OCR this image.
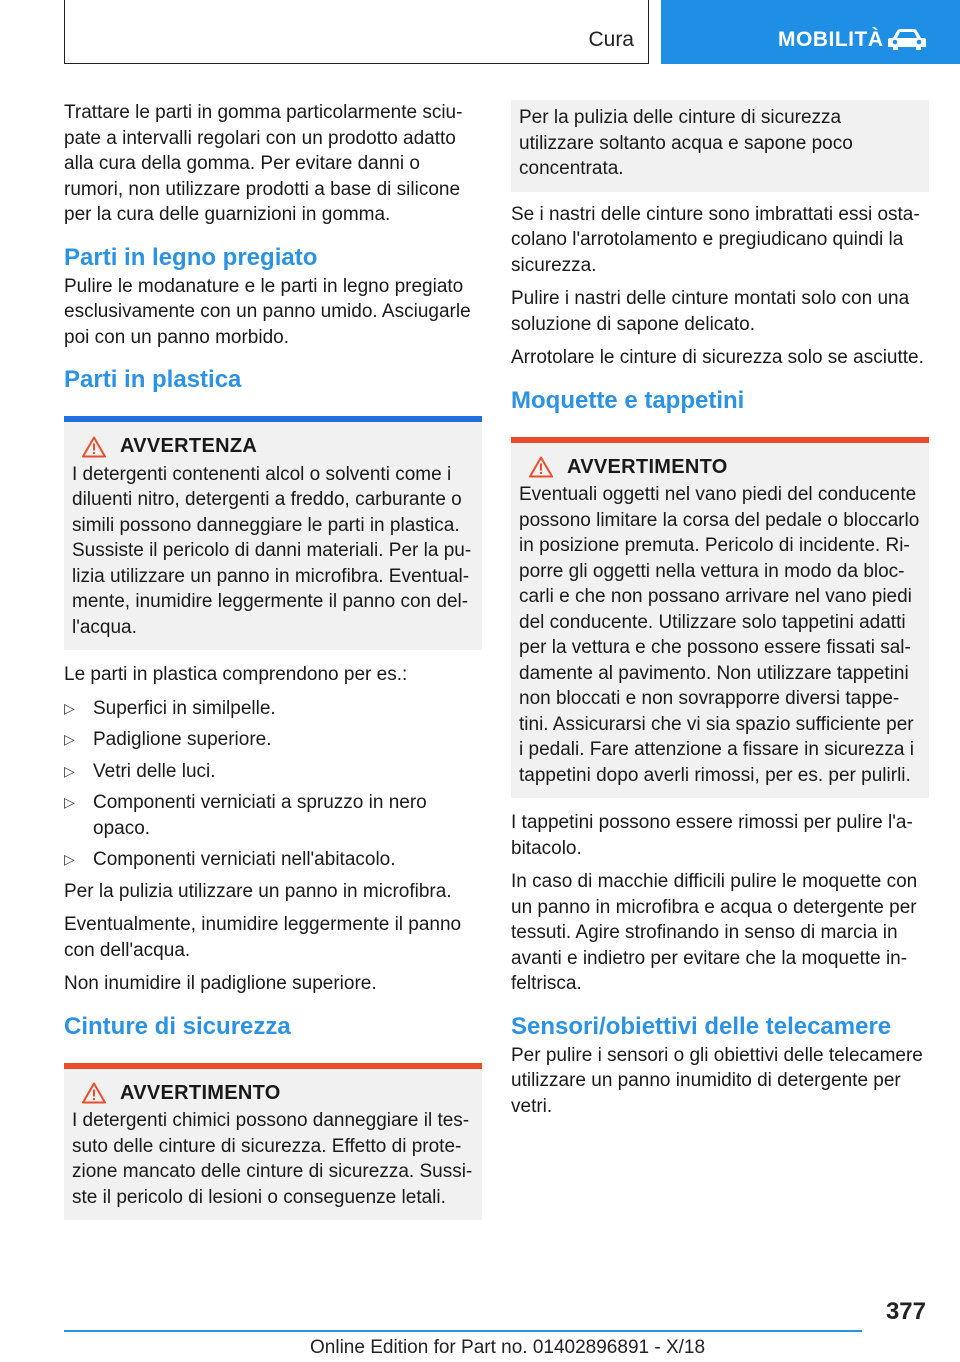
Cura	MOBILITÀ

Trattare le parti in gomma particolarmente sciu-pate a intervalli regolari con un prodotto adatto alla cura della gomma. Per evitare danni o rumori, non utilizzare prodotti a base di silicone per la cura delle guarnizioni in gomma.

Parti in legno pregiato

Pulire le modanature e le parti in legno pregiato esclusivamente con un panno umido. Asciugarle poi con un panno morbido.

Parti in plastica
AVVERTENZA
I detergenti contenenti alcol o solventi come i diluenti nitro, detergenti a freddo, carburante o simili possono danneggiare le parti in plastica. Sussiste il pericolo di danni materiali. Per la pu-lizia utilizzare un panno in microfibra. Eventual-mente, inumidire leggermente il panno con del-l'acqua.

Le parti in plastica comprendono per es.:

▷ Superfici in similpelle.
▷ Padiglione superiore.
▷ Vetri delle luci.
▷ Componenti verniciati a spruzzo in nero opaco.
▷ Componenti verniciati nell'abitacolo.

Per la pulizia utilizzare un panno in microfibra.

Eventualmente, inumidire leggermente il panno con dell'acqua.

Non inumidire il padiglione superiore.

Cinture di sicurezza
AVVERTIMENTO
I detergenti chimici possono danneggiare il tes-suto delle cinture di sicurezza. Effetto di prote-zione mancato delle cinture di sicurezza. Sussi-ste il pericolo di lesioni o conseguenze letali.
Per la pulizia delle cinture di sicurezza utilizzare soltanto acqua e sapone poco concentrata.

Se i nastri delle cinture sono imbrattati essi osta-colano l'arrotolamento e pregiudicano quindi la sicurezza.

Pulire i nastri delle cinture montati solo con una soluzione di sapone delicato.

Arrotolare le cinture di sicurezza solo se asciutte.

Moquette e tappetini
AVVERTIMENTO
Eventuali oggetti nel vano piedi del conducente possono limitare la corsa del pedale o bloccarlo in posizione premuta. Pericolo di incidente. Ri-porre gli oggetti nella vettura in modo da bloc-carli e che non possano arrivare nel vano piedi del conducente. Utilizzare solo tappetini adatti per la vettura e che possono essere fissati sal-damente al pavimento. Non utilizzare tappetini non bloccati e non sovrapporre diversi tappe-tini. Assicurarsi che vi sia spazio sufficiente per i pedali. Fare attenzione a fissare in sicurezza i tappetini dopo averli rimossi, per es. per pulirli.

I tappetini possono essere rimossi per pulire l'a-bitacolo.

In caso di macchie difficili pulire le moquette con un panno in microfibra e acqua o detergente per tessuti. Agire strofinando in senso di marcia in avanti e indietro per evitare che la moquette in-feltrisca.

Sensori/obiettivi delle telecamere

Per pulire i sensori o gli obiettivi delle telecamere utilizzare un panno inumidito di detergente per vetri.

377
Online Edition for Part no. 01402896891 - X/18
